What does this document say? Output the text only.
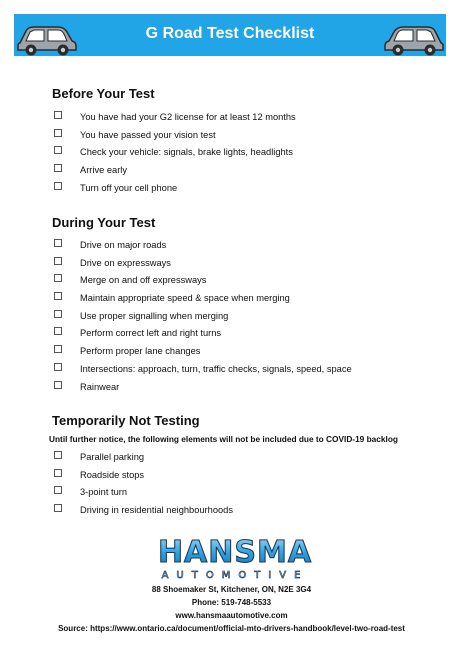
G Road Test Checklist
Before Your Test
You have had your G2 license for at least 12 months
You have passed your vision test
Check your vehicle: signals, brake lights, headlights
Arrive early
Turn off your cell phone
During Your Test
Drive on major roads
Drive on expressways
Merge on and off expressways
Maintain appropriate speed & space when merging
Use proper signalling when merging
Perform correct left and right turns
Perform proper lane changes
Intersections: approach, turn, traffic checks, signals, speed, space
Rainwear
Temporarily Not Testing
Until further notice, the following elements will not be included due to COVID-19 backlog
Parallel parking
Roadside stops
3-point turn
Driving in residential neighbourhoods
HANSMA
AUTOMOTIVE
88 Shoemaker St, Kitchener, ON, N2E 3G4
Phone: 519-748-5533
www.hansmaautomotive.com
Source: https://www.ontario.ca/document/official-mto-drivers-handbook/level-two-road-test
